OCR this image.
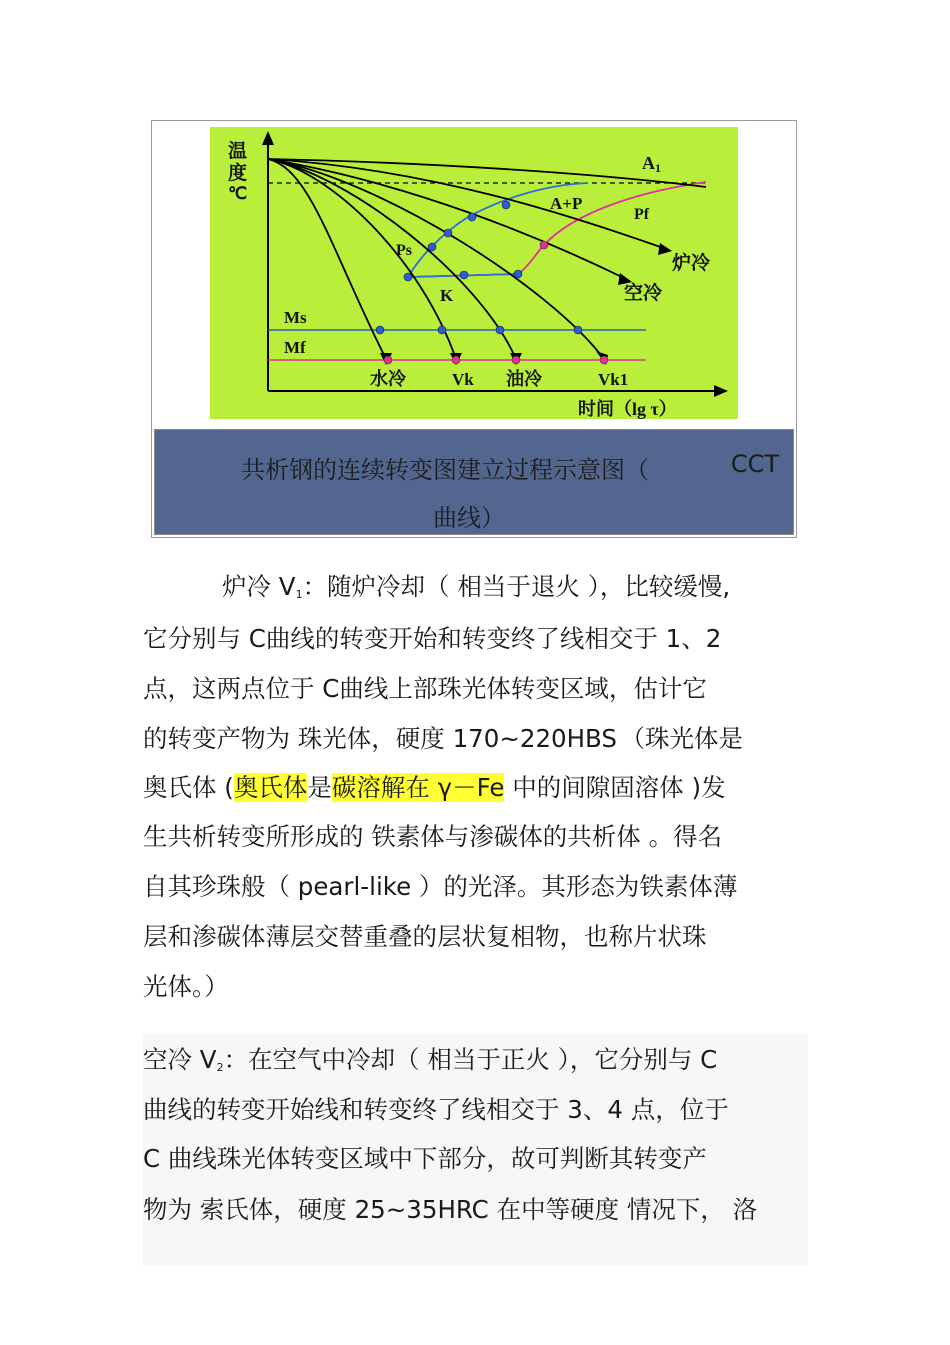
温
度
℃
A1
A+P
Pf
Ps
K
Ms
Mf
炉冷
空冷
水冷	Vk 油冷	Vk1
时间（lg τ）
共析钢的连续转变图建立过程示意图（	CCT
曲线）
炉冷 $V_1$：随炉冷却（ 相当于退火 ），比较缓慢,
它分别与 C曲线的转变开始和转变终了线相交于 1、2
点，这两点位于 C曲线上部珠光体转变区域，估计它
的转变产物为 珠光体，硬度 170~220HBS （珠光体是
奥氏体 (奥氏体是碳溶解在 γ－Fe 中的间隙固溶体 )发
生共析转变所形成的 铁素体与渗碳体的共析体 。得名
自其珍珠般（ pearl-like ）的光泽。其形态为铁素体薄
层和渗碳体薄层交替重叠的层状复相物，也称片状珠
光体。）
空冷 $V_2$：在空气中冷却（ 相当于正火 ），它分别与 C
曲线的转变开始线和转变终了线相交于 3、4 点，位于
C 曲线珠光体转变区域中下部分，故可判断其转变产
物为 索氏体，硬度 25~35HRC 在中等硬度 情况下， 洛
